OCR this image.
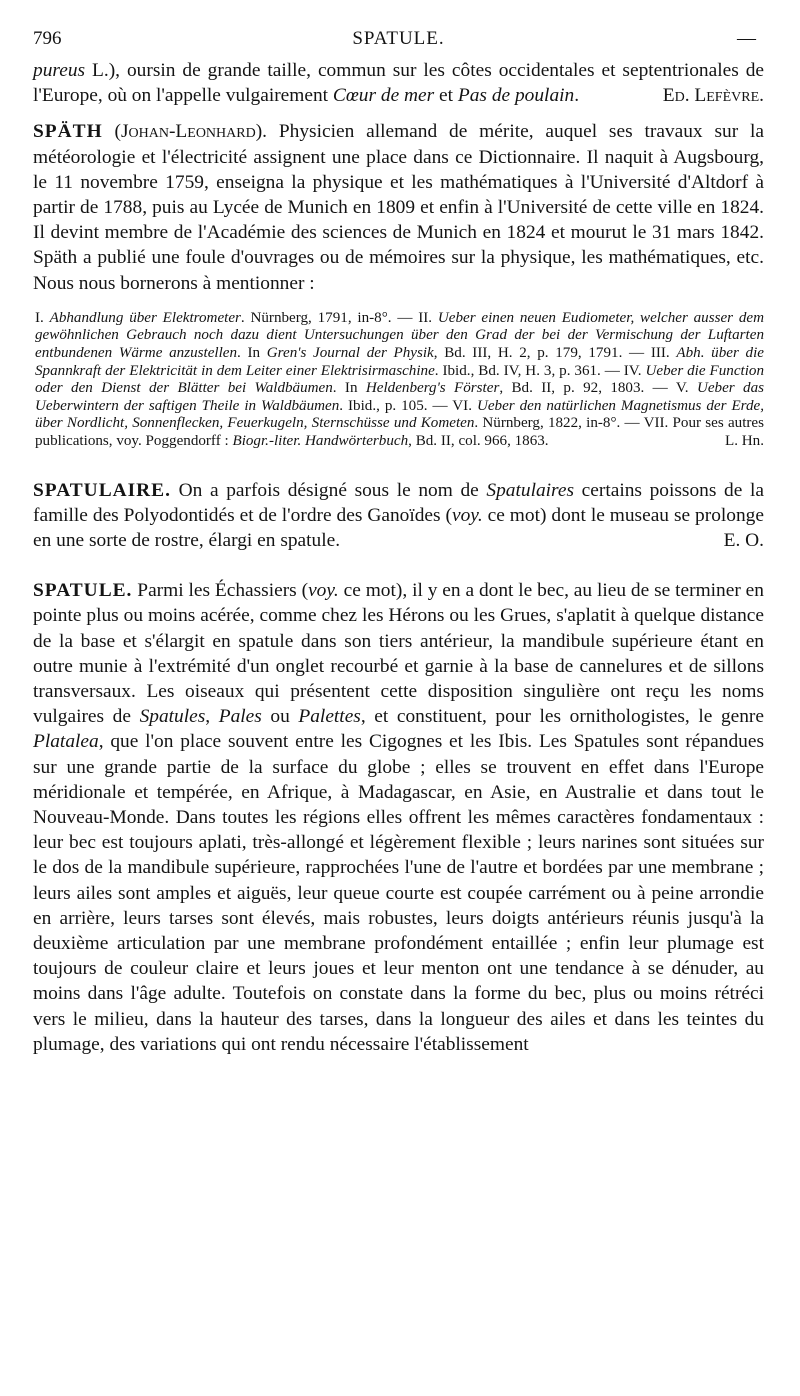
796	SPATULE.	—

pureus L.), oursin de grande taille, commun sur les côtes occidentales et septentrionales de l'Europe, où on l'appelle vulgairement Cœur de mer et Pas de poulain.	Ed. Lefèvre.

SPÄTH (Johan-Leonhard). Physicien allemand de mérite, auquel ses travaux sur la météorologie et l'électricité assignent une place dans ce Dictionnaire. Il naquit à Augsbourg, le 11 novembre 1759, enseigna la physique et les mathématiques à l'Université d'Altdorf à partir de 1788, puis au Lycée de Munich en 1809 et enfin à l'Université de cette ville en 1824. Il devint membre de l'Académie des sciences de Munich en 1824 et mourut le 31 mars 1842. Späth a publié une foule d'ouvrages ou de mémoires sur la physique, les mathématiques, etc. Nous nous bornerons à mentionner :

I. Abhandlung über Elektrometer. Nürnberg, 1791, in-8°. — II. Ueber einen neuen Eudiometer, welcher ausser dem gewöhnlichen Gebrauch noch dazu dient Untersuchungen über den Grad der bei der Vermischung der Luftarten entbundenen Wärme anzustellen. In Gren's Journal der Physik, Bd. III, H. 2, p. 179, 1791. — III. Abh. über die Spannkraft der Elektricität in dem Leiter einer Elektrisirmaschine. Ibid., Bd. IV, H. 3, p. 361. — IV. Ueber die Function oder den Dienst der Blätter bei Waldbäumen. In Heldenberg's Förster, Bd. II, p. 92, 1803. — V. Ueber das Ueberwintern der saftigen Theile in Waldbäumen. Ibid., p. 105. — VI. Ueber den natürlichen Magnetismus der Erde, über Nordlicht, Sonnenflecken, Feuerkugeln, Sternschüsse und Kometen. Nürnberg, 1822, in-8°. — VII. Pour ses autres publications, voy. Poggendorff : Biogr.-liter. Handwörterbuch, Bd. II, col. 966, 1863.	L. Hn.

SPATULAIRE. On a parfois désigné sous le nom de Spatulaires certains poissons de la famille des Polyodontidés et de l'ordre des Ganoïdes (voy. ce mot) dont le museau se prolonge en une sorte de rostre, élargi en spatule.	E. O.

SPATULE. Parmi les Échassiers (voy. ce mot), il y en a dont le bec, au lieu de se terminer en pointe plus ou moins acérée, comme chez les Hérons ou les Grues, s'aplatit à quelque distance de la base et s'élargit en spatule dans son tiers antérieur, la mandibule supérieure étant en outre munie à l'extrémité d'un onglet recourbé et garnie à la base de cannelures et de sillons transversaux. Les oiseaux qui présentent cette disposition singulière ont reçu les noms vulgaires de Spatules, Pales ou Palettes, et constituent, pour les ornithologistes, le genre Platalea, que l'on place souvent entre les Cigognes et les Ibis. Les Spatules sont répandues sur une grande partie de la surface du globe ; elles se trouvent en effet dans l'Europe méridionale et tempérée, en Afrique, à Madagascar, en Asie, en Australie et dans tout le Nouveau-Monde. Dans toutes les régions elles offrent les mêmes caractères fondamentaux : leur bec est toujours aplati, très-allongé et légèrement flexible ; leurs narines sont situées sur le dos de la mandibule supérieure, rapprochées l'une de l'autre et bordées par une membrane ; leurs ailes sont amples et aiguës, leur queue courte est coupée carrément ou à peine arrondie en arrière, leurs tarses sont élevés, mais robustes, leurs doigts antérieurs réunis jusqu'à la deuxième articulation par une membrane profondément entaillée ; enfin leur plumage est toujours de couleur claire et leurs joues et leur menton ont une tendance à se dénuder, au moins dans l'âge adulte. Toutefois on constate dans la forme du bec, plus ou moins rétréci vers le milieu, dans la hauteur des tarses, dans la longueur des ailes et dans les teintes du plumage, des variations qui ont rendu nécessaire l'établissement
